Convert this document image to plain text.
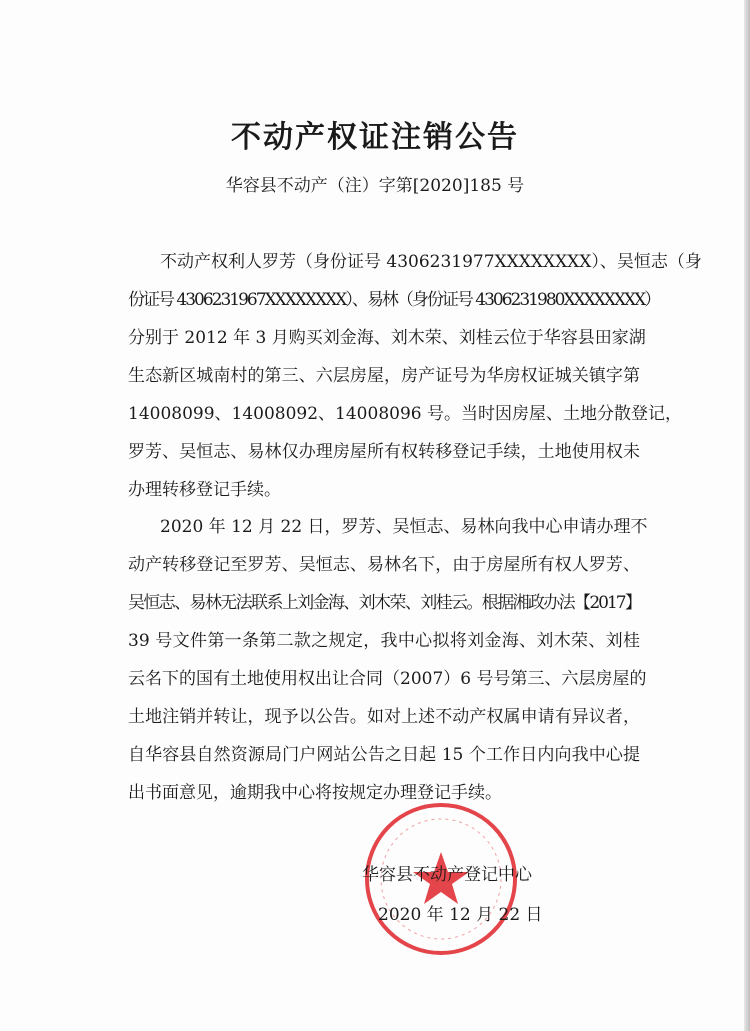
不动产权证注销公告
华容县不动产（注）字第[2020]185 号
不动产权利人罗芳（身份证号 4306231977XXXXXXXX）、吴恒志（身
份证号 4306231967XXXXXXXX）、易林（身份证号 4306231980XXXXXXXX）
分别于 2012 年 3 月购买刘金海、刘木荣、刘桂云位于华容县田家湖
生态新区城南村的第三、六层房屋，房产证号为华房权证城关镇字第
14008099、14008092、14008096 号。当时因房屋、土地分散登记，
罗芳、吴恒志、易林仅办理房屋所有权转移登记手续，土地使用权未
办理转移登记手续。
2020 年 12 月 22 日，罗芳、吴恒志、易林向我中心申请办理不
动产转移登记至罗芳、吴恒志、易林名下，由于房屋所有权人罗芳、
吴恒志、易林无法联系上刘金海、刘木荣、刘桂云。根据湘政办法【2017】
39 号文件第一条第二款之规定，我中心拟将刘金海、刘木荣、刘桂
云名下的国有土地使用权出让合同（2007）6 号号第三、六层房屋的
土地注销并转让，现予以公告。如对上述不动产权属申请有异议者，
自华容县自然资源局门户网站公告之日起 15 个工作日内向我中心提
出书面意见，逾期我中心将按规定办理登记手续。
华容县不动产登记中心
2020 年 12 月 22 日
